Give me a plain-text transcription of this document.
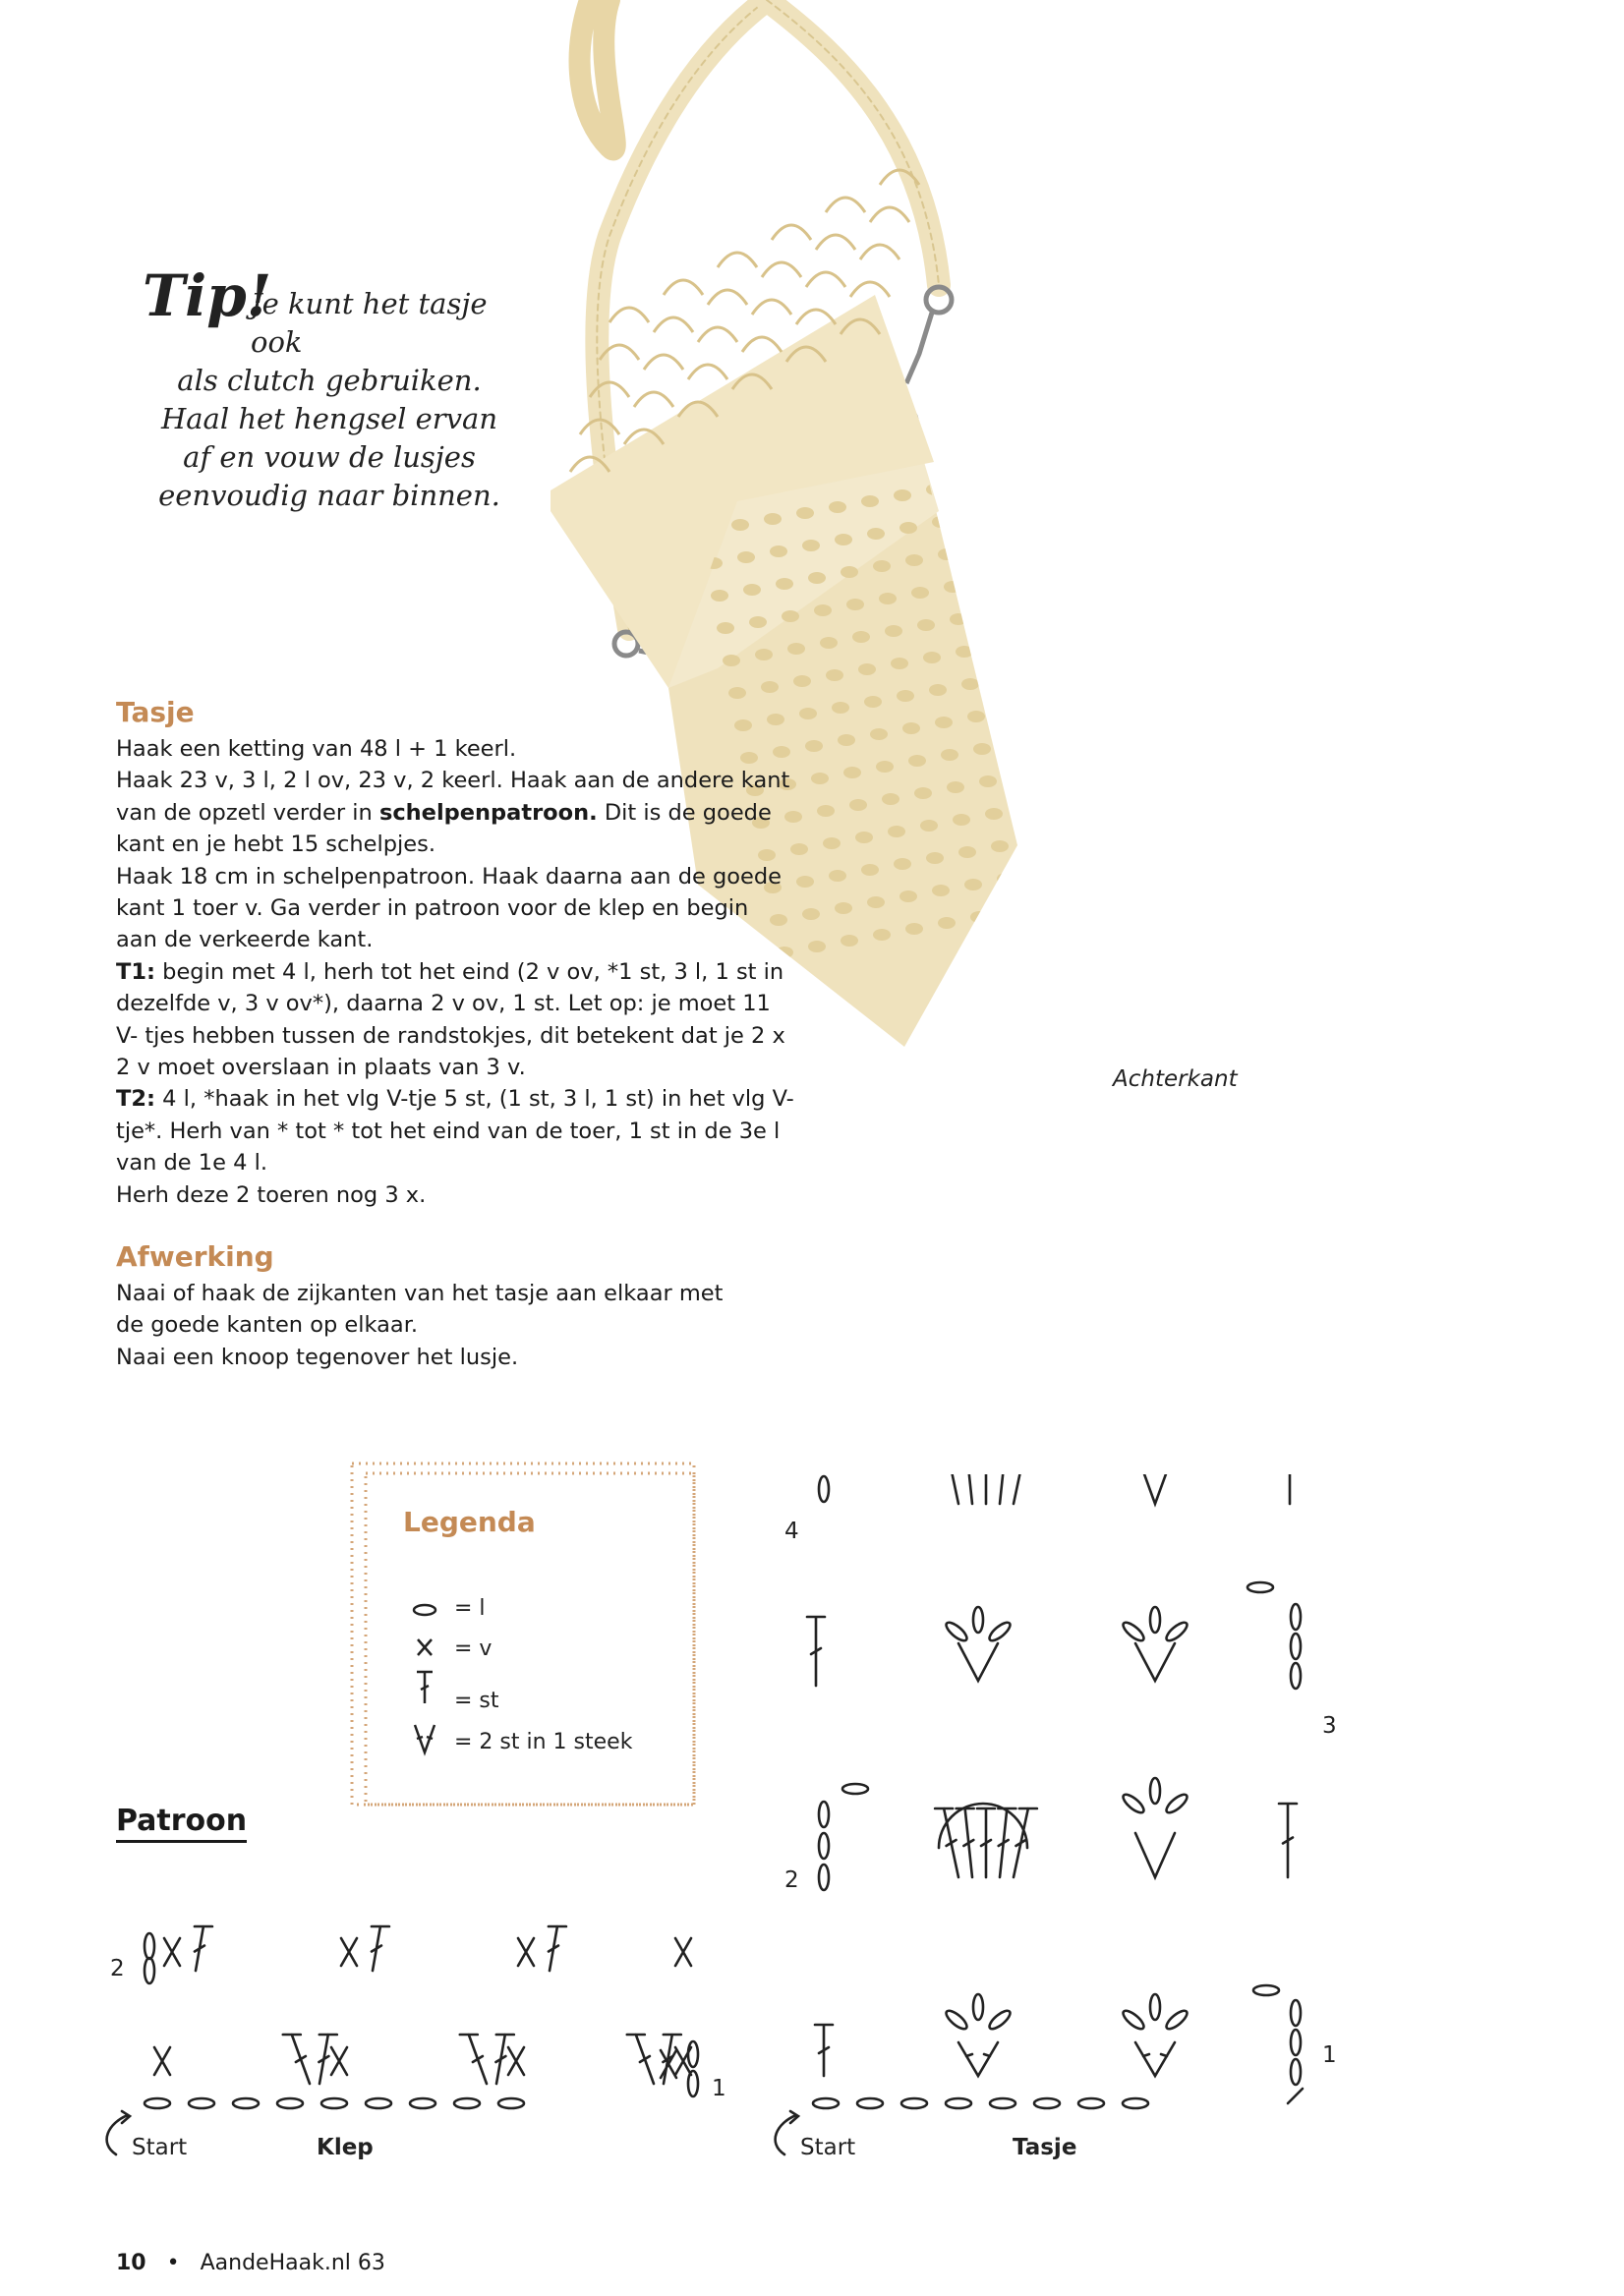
Tip!
Je kunt het tasje ook
als clutch gebruiken.
Haal het hengsel ervan
af en vouw de lusjes
eenvoudig naar binnen.
Achterkant
Tasje

Haak een ketting van 48 l + 1 keerl.

Haak 23 v, 3 l, 2 l ov, 23 v, 2 keerl. Haak aan de andere kant van de opzetl verder in schelpenpatroon. Dit is de goede kant en je hebt 15 schelpjes.

Haak 18 cm in schelpenpatroon. Haak daarna aan de goede kant 1 toer v. Ga verder in patroon voor de klep en begin aan de verkeerde kant.

T1: begin met 4 l, herh tot het eind (2 v ov, *1 st, 3 l, 1 st in dezelfde v, 3 v ov*), daarna 2 v ov, 1 st. Let op: je moet 11 V- tjes hebben tussen de randstokjes, dit betekent dat je 2 x 2 v moet overslaan in plaats van 3 v.

T2: 4 l, *haak in het vlg V-tje 5 st, (1 st, 3 l, 1 st) in het vlg V-tje*. Herh van * tot * tot het eind van de toer, 1 st in de 3e l van de 1e 4 l.

Herh deze 2 toeren nog 3 x.

Afwerking

Naai of haak de zijkanten van het tasje aan elkaar met de goede kanten op elkaar.

Naai een knoop tegenover het lusje.

Legenda
= l
= v
= st
= 2 st in 1 steek
Patroon
2
1
Start	Klep
4
3
2
1
Start	Tasje
10 • AandeHaak.nl 63
